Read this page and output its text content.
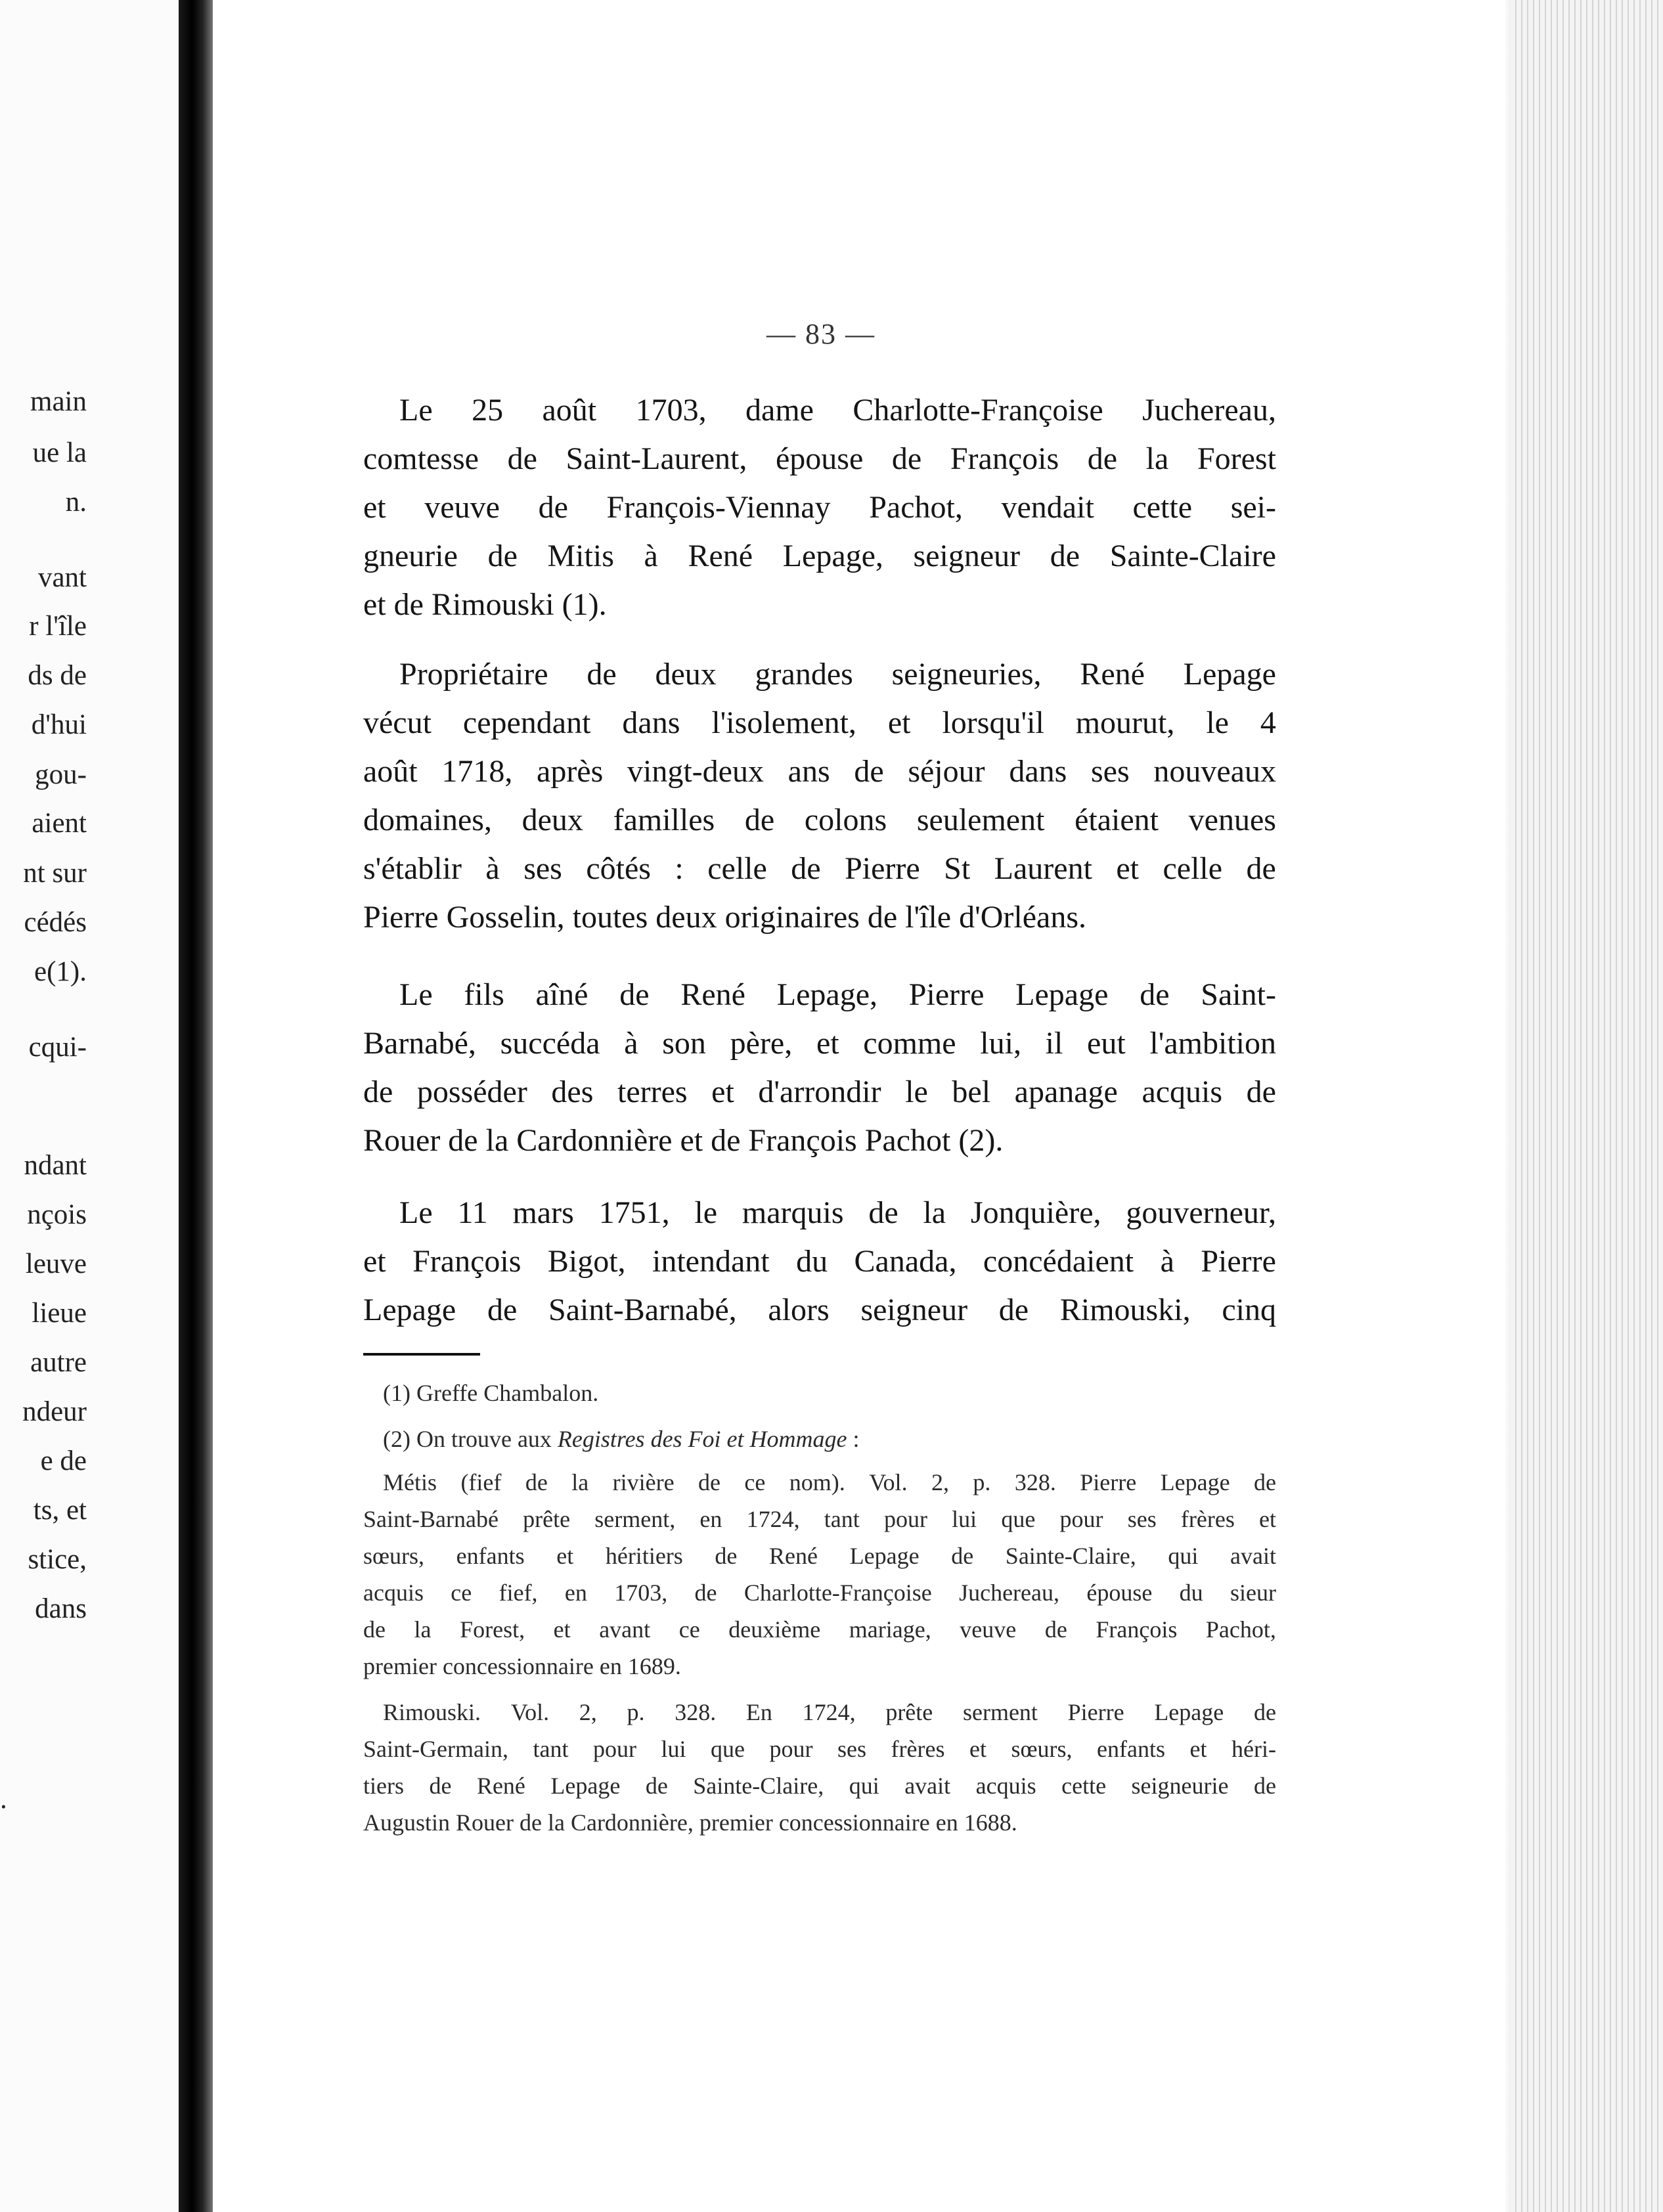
main
ue la
n.
vant
r l'île
ds de
d'hui
gou-
aient
nt sur
cédés
e(1).
cqui-
ndant
nçois
leuve
lieue
autre
ndeur
e de
ts, et
stice,
dans
.
— 83 —
Le 25 août 1703, dame Charlotte-Françoise Juchereau,
comtesse de Saint-Laurent, épouse de François de la Forest
et veuve de François-Viennay Pachot, vendait cette sei-
gneurie de Mitis à René Lepage, seigneur de Sainte-Claire
et de Rimouski (1).
Propriétaire de deux grandes seigneuries, René Lepage
vécut cependant dans l'isolement, et lorsqu'il mourut, le 4
août 1718, après vingt-deux ans de séjour dans ses nouveaux
domaines, deux familles de colons seulement étaient venues
s'établir à ses côtés : celle de Pierre St Laurent et celle de
Pierre Gosselin, toutes deux originaires de l'île d'Orléans.
Le fils aîné de René Lepage, Pierre Lepage de Saint-
Barnabé, succéda à son père, et comme lui, il eut l'ambition
de posséder des terres et d'arrondir le bel apanage acquis de
Rouer de la Cardonnière et de François Pachot (2).
Le 11 mars 1751, le marquis de la Jonquière, gouverneur,
et François Bigot, intendant du Canada, concédaient à Pierre
Lepage de Saint-Barnabé, alors seigneur de Rimouski, cinq
(1) Greffe Chambalon.
(2) On trouve aux Registres des Foi et Hommage :
Métis (fief de la rivière de ce nom). Vol. 2, p. 328. Pierre Lepage de
Saint-Barnabé prête serment, en 1724, tant pour lui que pour ses frères et
sœurs, enfants et héritiers de René Lepage de Sainte-Claire, qui avait
acquis ce fief, en 1703, de Charlotte-Françoise Juchereau, épouse du sieur
de la Forest, et avant ce deuxième mariage, veuve de François Pachot,
premier concessionnaire en 1689.
Rimouski. Vol. 2, p. 328. En 1724, prête serment Pierre Lepage de
Saint-Germain, tant pour lui que pour ses frères et sœurs, enfants et héri-
tiers de René Lepage de Sainte-Claire, qui avait acquis cette seigneurie de
Augustin Rouer de la Cardonnière, premier concessionnaire en 1688.
